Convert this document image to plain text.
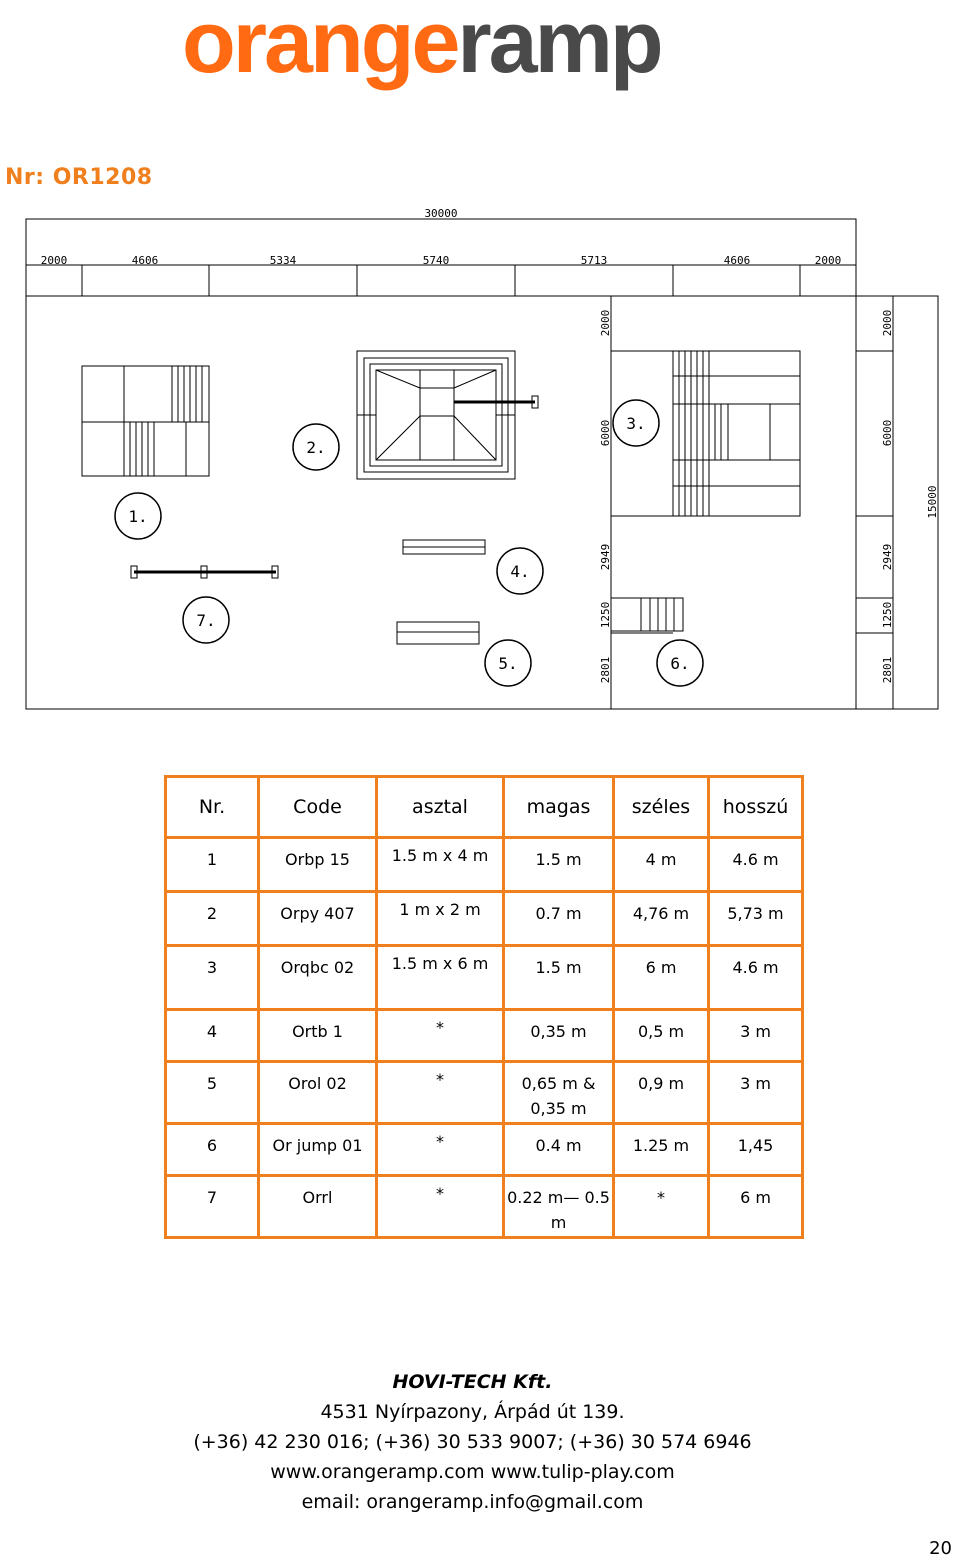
orangeramp
Nr: OR1208
30000
2000	4606	5334	5740	5713	4606	2000
2000	2000
6000	6000
2949	2949
1250	1250
2801	2801
15000
1.
2.
3.
4.
5.	6.
7.
Nr.	Code	asztal	magas	széles	hosszú

1	Orbp 15	1.5 m x 4 m	1.5 m	4 m	4.6 m

2	Orpy 407	1 m x 2 m	0.7 m	4,76 m	5,73 m

3	Orqbc 02	1.5 m x 6 m	1.5 m	6 m	4.6 m

4	Ortb 1	*	0,35 m	0,5 m	3 m

5	Orol 02	*	0,65 m & 0,35 m	0,9 m	3 m

6	Or jump 01	*	0.4 m	1.25 m	1,45

7	Orrl	*	0.22 m— 0.5 m	*	6 m
HOVI-TECH Kft.
4531 Nyírpazony, Árpád út 139.
(+36) 42 230 016; (+36) 30 533 9007; (+36) 30 574 6946
www.orangeramp.com www.tulip-play.com
email: orangeramp.info@gmail.com
20
